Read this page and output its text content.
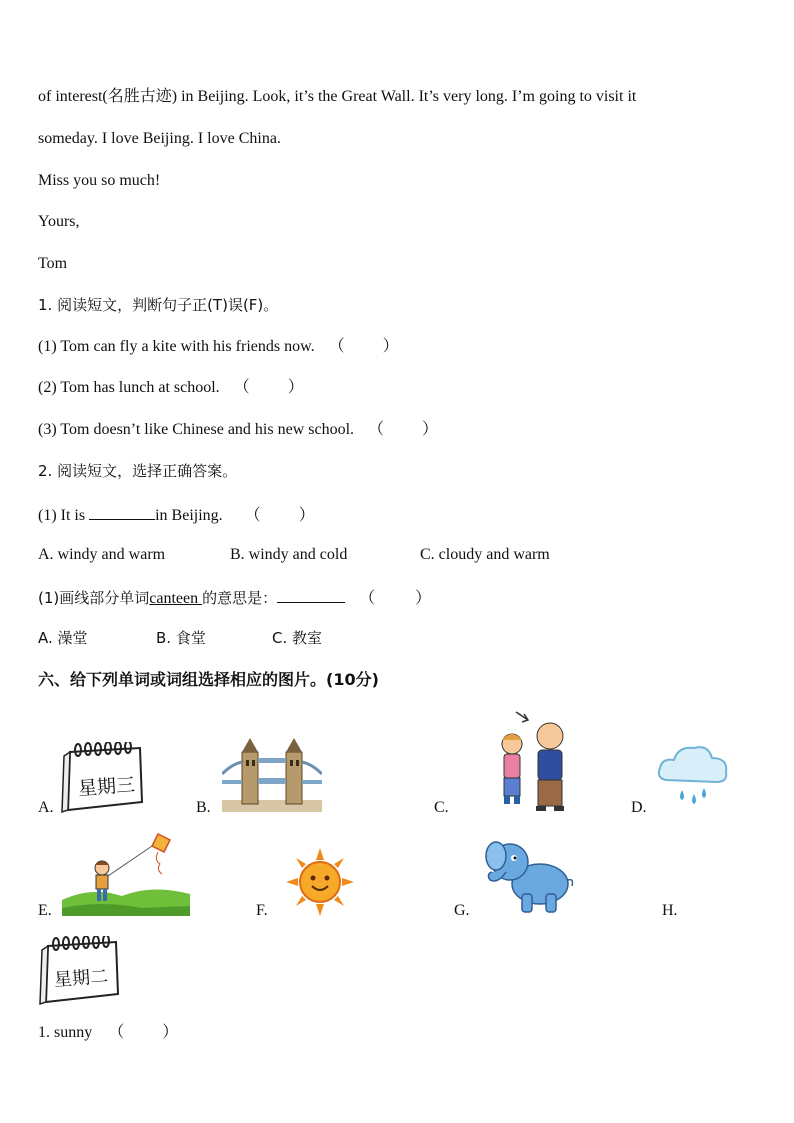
of interest(名胜古迹) in Beijing. Look, it’s the Great Wall. It’s very long. I’m going to visit it
someday. I love Beijing. I love China.
Miss you so much!
Yours,
Tom
1. 阅读短文，判断句子正(T)误(F)。
(1) Tom can fly a kite with his friends now. （ ）
(2) Tom has lunch at school. （ ）
(3) Tom doesn’t like Chinese and his new school. （ ）
2. 阅读短文，选择正确答案。
(1) It is	in Beijing. （ ）
A. windy and warm	B. windy and cold	C. cloudy and warm
(1)画线部分单词canteen 的意思是：	（	）
A. 澡堂	B. 食堂	C. 教室
六、给下列单词或词组选择相应的图片。(10分)
A.
星期三
B.	C.	D.
E.	F.	G.	H.
星期二
1. sunny （ ）
